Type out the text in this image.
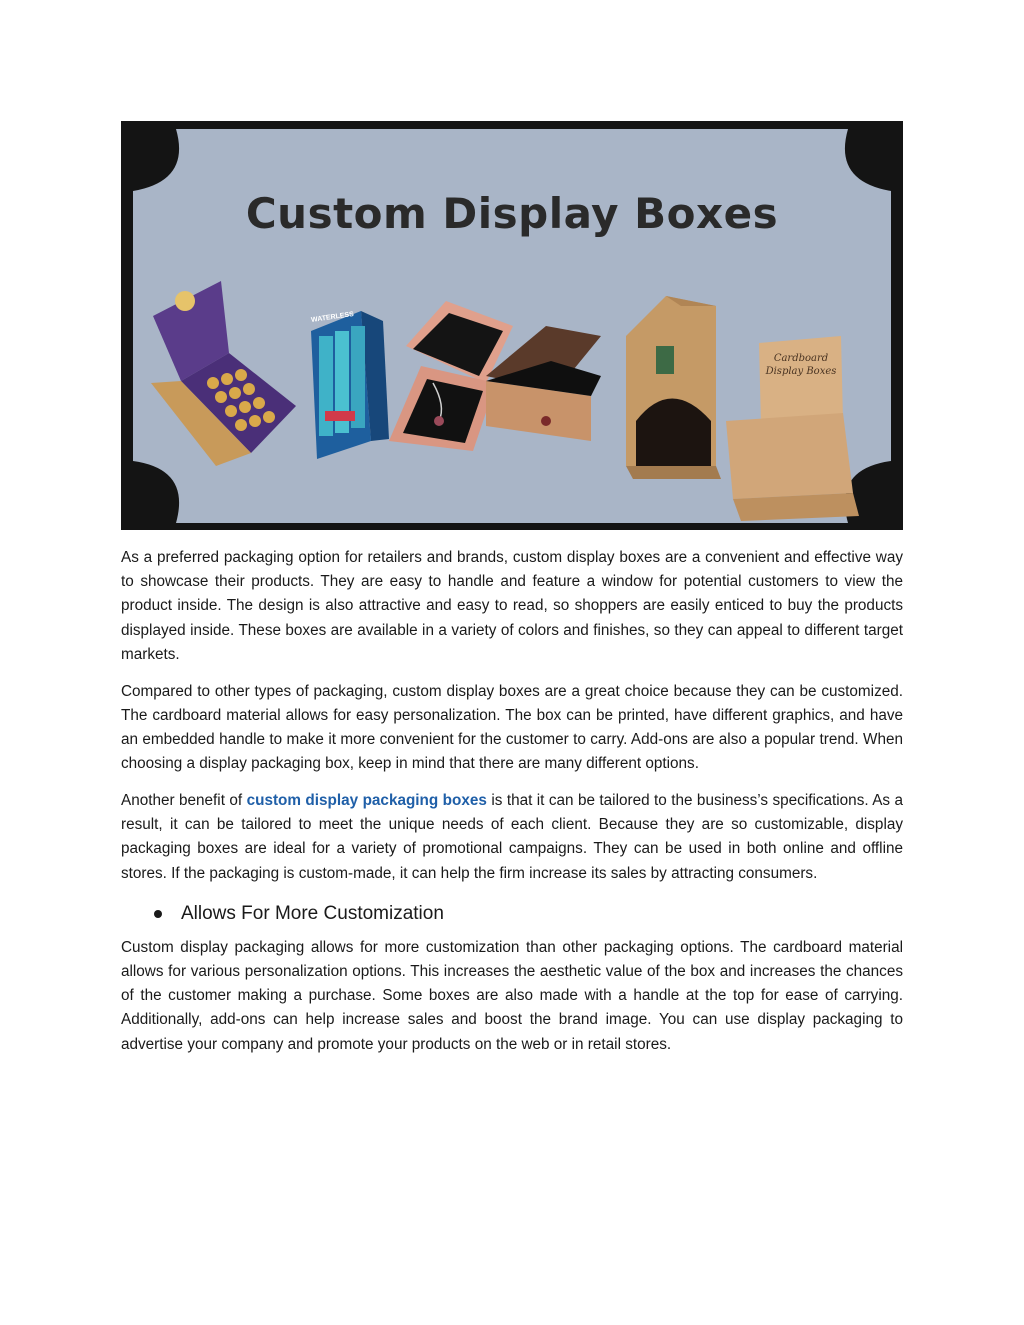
Custom Display Boxes
WATERLESS
Cardboard
Display Boxes

As a preferred packaging option for retailers and brands, custom display boxes are a convenient and effective way to showcase their products. They are easy to handle and feature a window for potential customers to view the product inside. The design is also attractive and easy to read, so shoppers are easily enticed to buy the products displayed inside. These boxes are available in a variety of colors and finishes, so they can appeal to different target markets.

Compared to other types of packaging, custom display boxes are a great choice because they can be customized. The cardboard material allows for easy personalization. The box can be printed, have different graphics, and have an embedded handle to make it more convenient for the customer to carry. Add-ons are also a popular trend. When choosing a display packaging box, keep in mind that there are many different options.

Another benefit of custom display packaging boxes is that it can be tailored to the business’s specifications. As a result, it can be tailored to meet the unique needs of each client. Because they are so customizable, display packaging boxes are ideal for a variety of promotional campaigns. They can be used in both online and offline stores. If the packaging is custom-made, it can help the firm increase its sales by attracting consumers.

Allows For More Customization

Custom display packaging allows for more customization than other packaging options. The cardboard material allows for various personalization options. This increases the aesthetic value of the box and increases the chances of the customer making a purchase. Some boxes are also made with a handle at the top for ease of carrying. Additionally, add-ons can help increase sales and boost the brand image. You can use display packaging to advertise your company and promote your products on the web or in retail stores.
